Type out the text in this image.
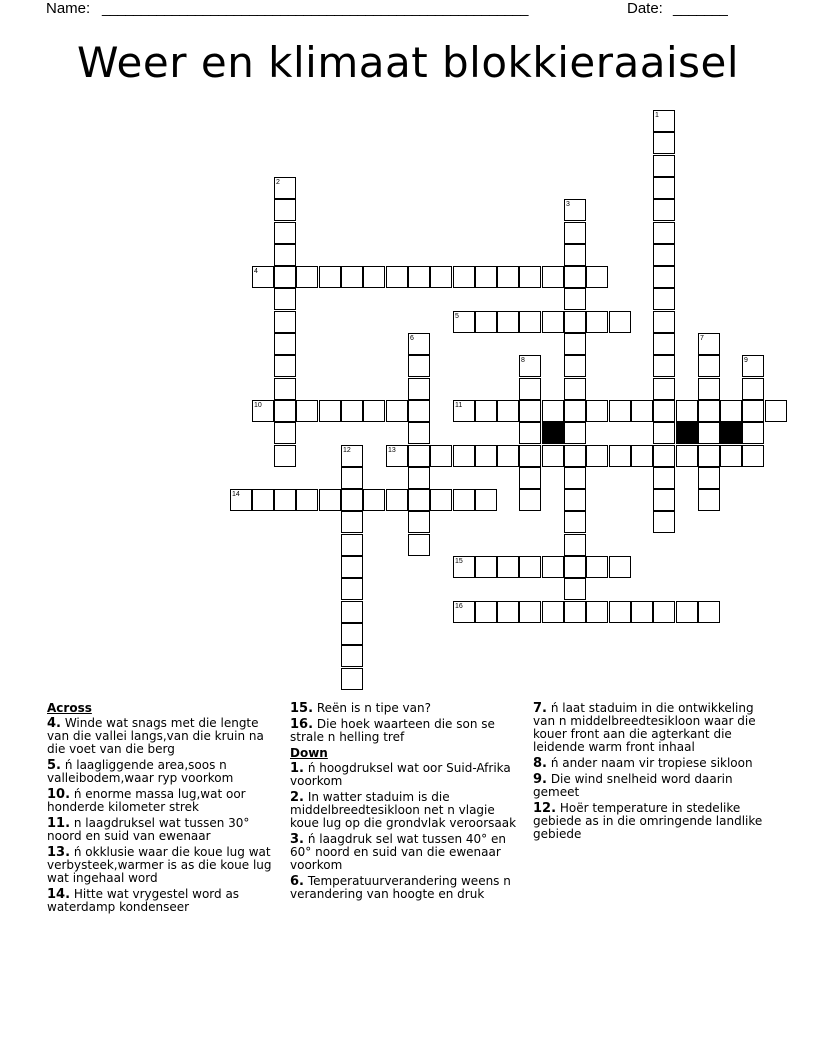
Name: _______________________________________________________	Date: _______
Weer en klimaat blokkieraaisel
4
5
10	11
13
14
15
16
1
2
3
6	7
8	9
12
Across
4. Winde wat snags met die lengte van die vallei langs,van die kruin na die voet van die berg
5. ń laagliggende area,soos n valleibodem,waar ryp voorkom
10. ń enorme massa lug,wat oor honderde kilometer strek
11. n laagdruksel wat tussen 30° noord en suid van ewenaar
13. ń okklusie waar die koue lug wat verbysteek,warmer is as die koue lug wat ingehaal word
14. Hitte wat vrygestel word as waterdamp kondenseer
15. Reën is n tipe van?
16. Die hoek waarteen die son se strale n helling tref
Down
1. ń hoogdruksel wat oor Suid-Afrika voorkom
2. In watter staduim is die middelbreedtesikloon net n vlagie koue lug op die grondvlak veroorsaak
3. ń laagdruk sel wat tussen 40° en 60° noord en suid van die ewenaar voorkom
6. Temperatuurverandering weens n verandering van hoogte en druk
7. ń laat staduim in die ontwikkeling van n middelbreedtesikloon waar die kouer front aan die agterkant die leidende warm front inhaal
8. ń ander naam vir tropiese sikloon
9. Die wind snelheid word daarin gemeet
12. Hoër temperature in stedelike gebiede as in die omringende landlike gebiede
